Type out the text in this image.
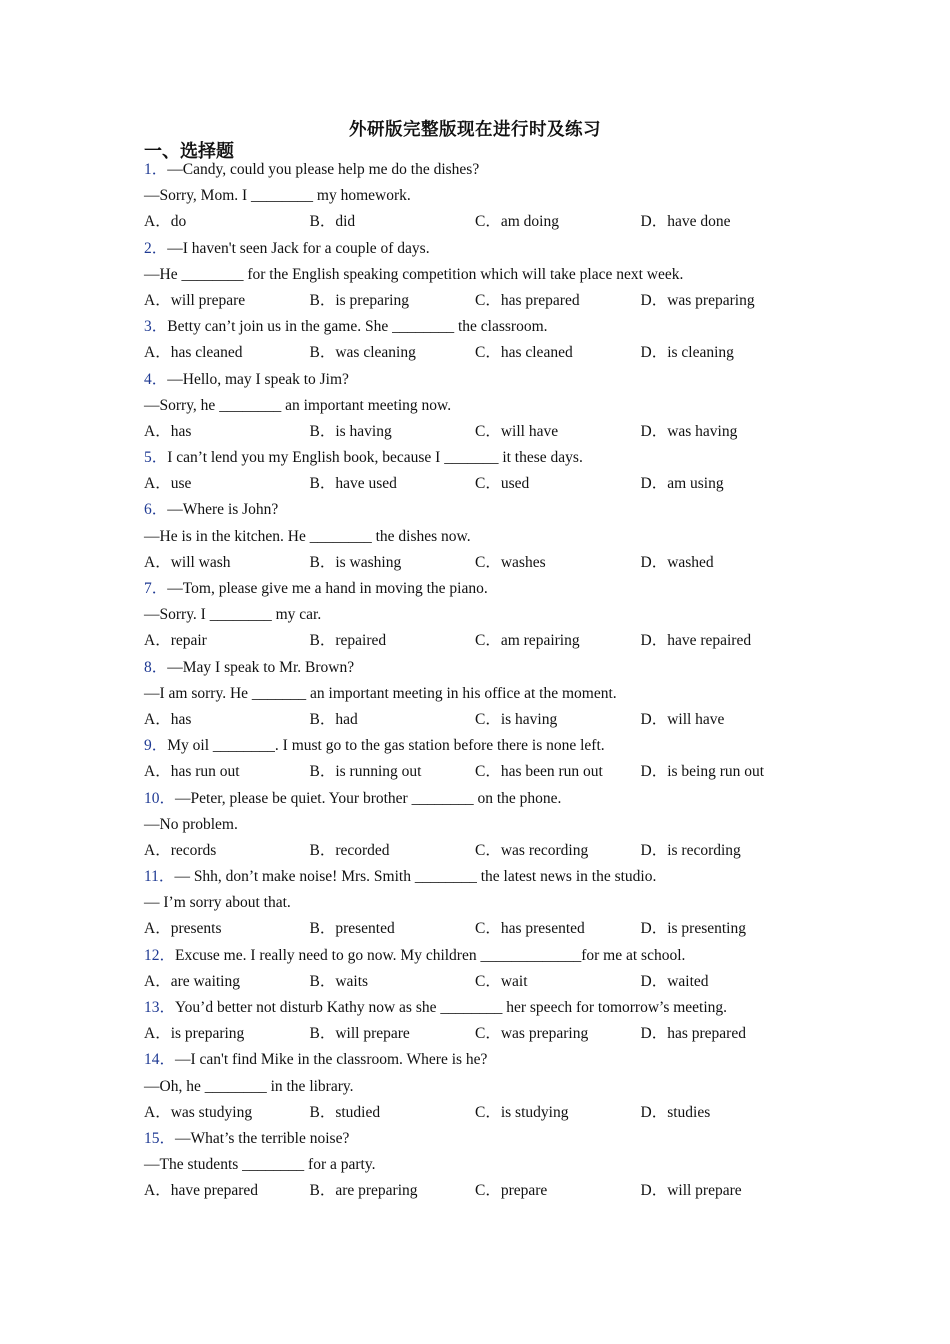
外研版完整版现在进行时及练习
一、选择题
1．—Candy, could you please help me do the dishes?
—Sorry, Mom. I ________ my homework.
A．do	B．did	C．am doing	D．have done
2．—I haven't seen Jack for a couple of days.
—He ________ for the English speaking competition which will take place next week.
A．will prepare	B．is preparing	C．has prepared	D．was preparing
3．Betty can’t join us in the game. She ________ the classroom.
A．has cleaned	B．was cleaning	C．has cleaned	D．is cleaning
4．—Hello, may I speak to Jim?
—Sorry, he ________ an important meeting now.
A．has	B．is having	C．will have	D．was having
5．I can’t lend you my English book, because I _______ it these days.
A．use	B．have used	C．used	D．am using
6．—Where is John?
—He is in the kitchen. He ________ the dishes now.
A．will wash	B．is washing	C．washes	D．washed
7．—Tom, please give me a hand in moving the piano.
—Sorry. I ________ my car.
A．repair	B．repaired	C．am repairing	D．have repaired
8．—May I speak to Mr. Brown?
—I am sorry. He _______ an important meeting in his office at the moment.
A．has	B．had	C．is having	D．will have
9．My oil ________. I must go to the gas station before there is none left.
A．has run out	B．is running out	C．has been run out	D．is being run out
10．—Peter, please be quiet. Your brother ________ on the phone.
—No problem.
A．records	B．recorded	C．was recording	D．is recording
11．— Shh, don’t make noise! Mrs. Smith ________ the latest news in the studio.
— I’m sorry about that.
A．presents	B．presented	C．has presented	D．is presenting
12．Excuse me. I really need to go now. My children _____________for me at school.
A．are waiting	B．waits	C．wait	D．waited
13．You’d better not disturb Kathy now as she ________ her speech for tomorrow’s meeting.
A．is preparing	B．will prepare	C．was preparing	D．has prepared
14．—I can't find Mike in the classroom. Where is he?
—Oh, he ________ in the library.
A．was studying	B．studied	C．is studying	D．studies
15．—What’s the terrible noise?
—The students ________ for a party.
A．have prepared	B．are preparing	C．prepare	D．will prepare
